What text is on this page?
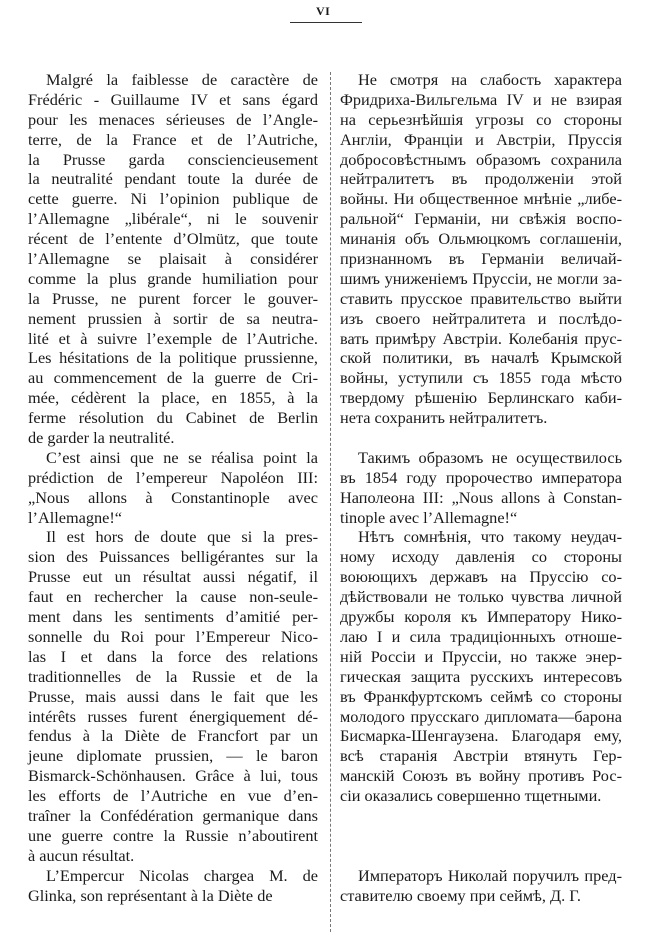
VI
Malgré la faiblesse de caractère de
Frédéric - Guillaume IV et sans égard
pour les menaces sérieuses de l’Angle-
terre, de la France et de l’Autriche,
la Prusse garda consciencieusement
la neutralité pendant toute la durée de
cette guerre. Ni l’opinion publique de
l’Allemagne „libérale“, ni le souvenir
récent de l’entente d’Olmütz, que toute
l’Allemagne se plaisait à considérer
comme la plus grande humiliation pour
la Prusse, ne purent forcer le gouver-
nement prussien à sortir de sa neutra-
lité et à suivre l’exemple de l’Autriche.
Les hésitations de la politique prussienne,
au commencement de la guerre de Cri-
mée, cédèrent la place, en 1855, à la
ferme résolution du Cabinet de Berlin
de garder la neutralité.
C’est ainsi que ne se réalisa point la
prédiction de l’empereur Napoléon III:
„Nous allons à Constantinople avec
l’Allemagne!“
Il est hors de doute que si la pres-
sion des Puissances belligérantes sur la
Prusse eut un résultat aussi négatif, il
faut en rechercher la cause non-seule-
ment dans les sentiments d’amitié per-
sonnelle du Roi pour l’Empereur Nico-
las I et dans la force des relations
traditionnelles de la Russie et de la
Prusse, mais aussi dans le fait que les
intérêts russes furent énergiquement dé-
fendus à la Diète de Francfort par un
jeune diplomate prussien, — le baron
Bismarck-Schönhausen. Grâce à lui, tous
les efforts de l’Autriche en vue d’en-
traîner la Confédération germanique dans
une guerre contre la Russie n’aboutirent
à aucun résultat.
L’Empercur Nicolas chargea M. de
Glinka, son représentant à la Diète de
Не смотря на слабость характера
Фридриха-Вильгельма IV и не взирая
на серьезнѣйшія угрозы со стороны
Англіи, Франціи и Австріи, Пруссія
добросовѣстнымъ образомъ сохранила
нейтралитетъ въ продолженіи этой
войны. Ни общественное мнѣніе „либе-
ральной“ Германіи, ни свѣжія воспо-
минанія объ Ольмюцкомъ соглашеніи,
признанномъ въ Германіи величай-
шимъ униженіемъ Пруссіи, не могли за-
ставить прусское правительство выйти
изъ своего нейтралитета и послѣдо-
вать примѣру Австріи. Колебанія прус-
ской политики, въ началѣ Крымской
войны, уступили съ 1855 года мѣсто
твердому рѣшенію Берлинскаго каби-
нета сохранить нейтралитетъ.
Такимъ образомъ не осуществилось
въ 1854 году пророчество императора
Наполеона III: „Nous allons à Constan-
tinople avec l’Allemagne!“
Нѣтъ сомнѣнія, что такому неудач-
ному исходу давленія со стороны
воюющихъ державъ на Пруссію со-
дѣйствовали не только чувства личной
дружбы короля къ Императору Нико-
лаю I и сила традиціонныхъ отноше-
ній Россіи и Пруссіи, но также энер-
гическая защита русскихъ интересовъ
въ Франкфуртскомъ сеймѣ со стороны
молодого прусскаго дипломата—барона
Бисмарка-Шенгаузена. Благодаря ему,
всѣ старанія Австріи втянуть Гер-
манскій Союзъ въ войну противъ Рос-
сіи оказались совершенно тщетными.
Императоръ Николай поручилъ пред-
ставителю своему при сеймѣ, Д. Г.
